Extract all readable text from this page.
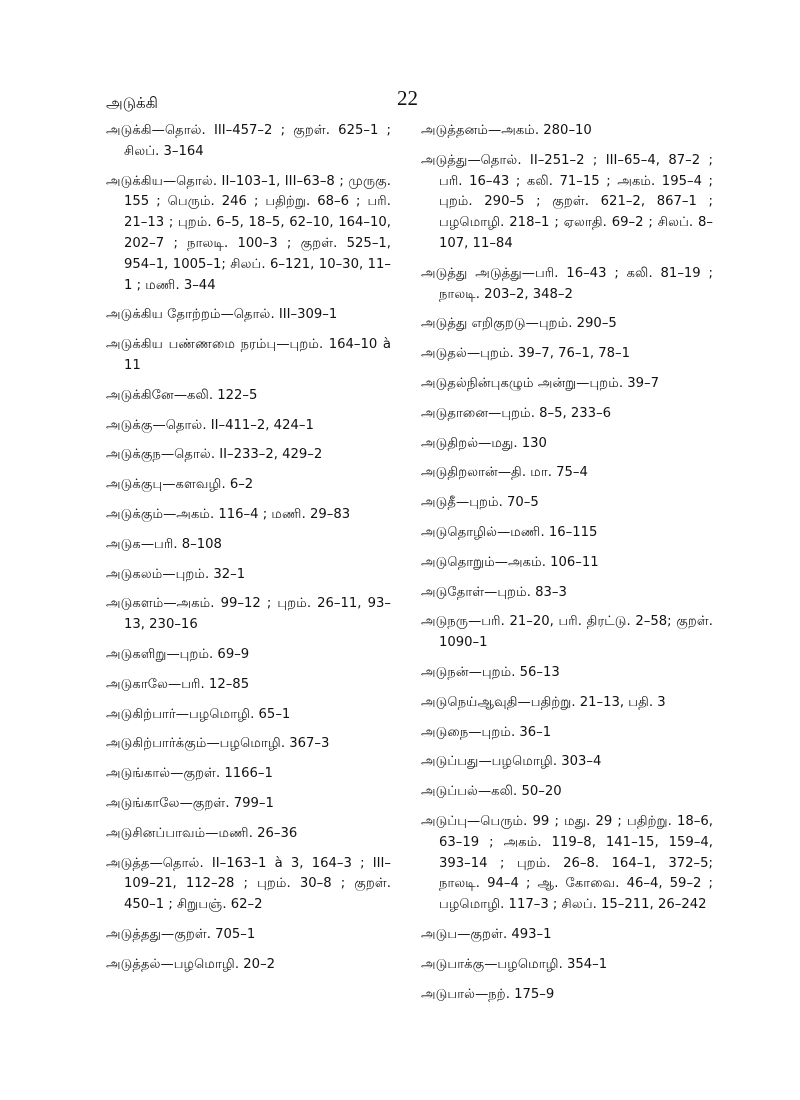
அடுக்கி	22
அடுக்கி—தொல். III–457–2 ; குறள். 625–1 ; சிலப். 3–164
அடுக்கிய—தொல். II–103–1, III–63–8 ; முருகு. 155 ; பெரும். 246 ; பதிற்று. 68–6 ; பரி. 21–13 ; புறம். 6–5, 18–5, 62–10, 164–10, 202–7 ; நாலடி. 100–3 ; குறள். 525–1, 954–1, 1005–1; சிலப். 6–121, 10–30, 11–1 ; மணி. 3–44
அடுக்கிய தோற்றம்—தொல். III–309–1
அடுக்கிய பண்ணமை நரம்பு—புறம். 164–10 à 11
அடுக்கினே—கலி. 122–5
அடுக்கு—தொல். II–411–2, 424–1
அடுக்குந—தொல். II–233–2, 429–2
அடுக்குபு—களவழி. 6–2
அடுக்கும்—அகம். 116–4 ; மணி. 29–83
அடுக—பரி. 8–108
அடுகலம்—புறம். 32–1
அடுகளம்—அகம். 99–12 ; புறம். 26–11, 93–13, 230–16
அடுகளிறு—புறம். 69–9
அடுகாலே—பரி. 12–85
அடுகிற்பார்—பழமொழி. 65–1
அடுகிற்பார்க்கும்—பழமொழி. 367–3
அடுங்கால்—குறள். 1166–1
அடுங்காலே—குறள். 799–1
அடுசினப்பாவம்—மணி. 26–36
அடுத்த—தொல். II–163–1 à 3, 164–3 ; III–109–21, 112–28 ; புறம். 30–8 ; குறள். 450–1 ; சிறுபஞ். 62–2
அடுத்தது—குறள். 705–1
அடுத்தல்—பழமொழி. 20–2
அடுத்தனம்—அகம். 280–10
அடுத்து—தொல். II–251–2 ; III–65–4, 87–2 ; பரி. 16–43 ; கலி. 71–15 ; அகம். 195–4 ; புறம். 290–5 ; குறள். 621–2, 867–1 ; பழமொழி. 218–1 ; ஏலாதி. 69–2 ; சிலப். 8–107, 11–84
அடுத்து அடுத்து—பரி. 16–43 ; கலி. 81–19 ; நாலடி. 203–2, 348–2
அடுத்து எறிகுறடு—புறம். 290–5
அடுதல்—புறம். 39–7, 76–1, 78–1
அடுதல்நின்புகழும் அன்று—புறம். 39–7
அடுதானை—புறம். 8–5, 233–6
அடுதிறல்—மது. 130
அடுதிறலான்—தி. மா. 75–4
அடுதீ—புறம். 70–5
அடுதொழில்—மணி. 16–115
அடுதொறும்—அகம். 106–11
அடுதோள்—புறம். 83–3
அடுநரு—பரி. 21–20, பரி. திரட்டு. 2–58; குறள். 1090–1
அடுநன்—புறம். 56–13
அடுநெய்ஆவுதி—பதிற்று. 21–13, பதி. 3
அடுநை—புறம். 36–1
அடுப்பது—பழமொழி. 303–4
அடுப்பல்—கலி. 50–20
அடுப்பு—பெரும். 99 ; மது. 29 ; பதிற்று. 18–6, 63–19 ; அகம். 119–8, 141–15, 159–4, 393–14 ; புறம். 26–8. 164–1, 372–5; நாலடி. 94–4 ; ஆ. கோவை. 46–4, 59–2 ; பழமொழி. 117–3 ; சிலப். 15–211, 26–242
அடுப—குறள். 493–1
அடுபாக்கு—பழமொழி. 354–1
அடுபால்—நற். 175–9
